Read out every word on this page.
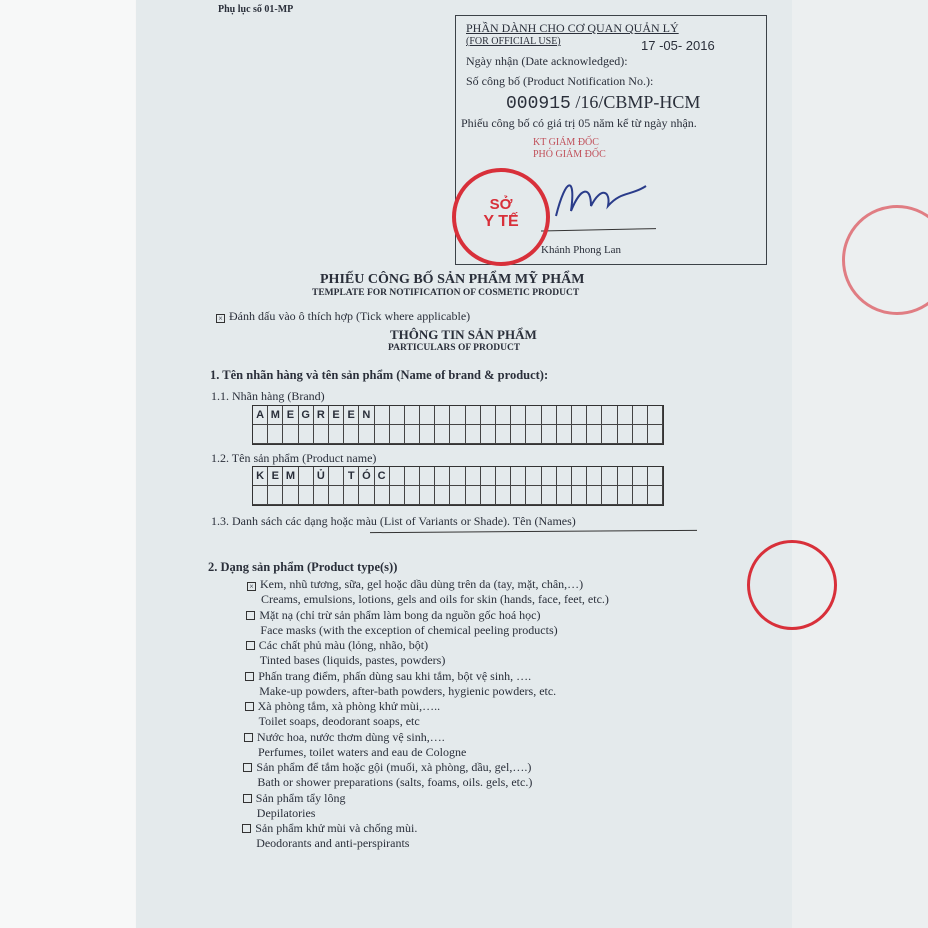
Phụ lục số 01-MP
PHẦN DÀNH CHO CƠ QUAN QUẢN LÝ
(FOR OFFICIAL USE)	17 -05- 2016
Ngày nhận (Date acknowledged):
Số công bố (Product Notification No.):
000915 /16/CBMP-HCM
Phiếu công bố có giá trị 05 năm kể từ ngày nhận.
KT GIÁM ĐỐC
PHÓ GIÁM ĐỐC
Khánh Phong Lan
SỞ
Y TẾ
PHIẾU CÔNG BỐ SẢN PHẨM MỸ PHẨM
TEMPLATE FOR NOTIFICATION OF COSMETIC PRODUCT
× Đánh dấu vào ô thích hợp (Tick where applicable)
THÔNG TIN SẢN PHẨM
PARTICULARS OF PRODUCT
1. Tên nhãn hàng và tên sản phẩm (Name of brand & product):
1.1. Nhãn hàng (Brand)
A M E G R E E N
1.2. Tên sản phẩm (Product name)
K E M	Ủ	T Ó C
1.3. Danh sách các dạng hoặc màu (List of Variants or Shade). Tên (Names)
2. Dạng sản phẩm (Product type(s))
× Kem, nhũ tương, sữa, gel hoặc dầu dùng trên da (tay, mặt, chân,…)
Creams, emulsions, lotions, gels and oils for skin (hands, face, feet, etc.)
Mặt nạ (chỉ trừ sản phẩm làm bong da nguồn gốc hoá học)
Face masks (with the exception of chemical peeling products)
Các chất phủ màu (lỏng, nhão, bột)
Tinted bases (liquids, pastes, powders)
Phấn trang điểm, phấn dùng sau khi tắm, bột vệ sinh, ….
Make-up powders, after-bath powders, hygienic powders, etc.
Xà phòng tắm, xà phòng khử mùi,…..
Toilet soaps, deodorant soaps, etc
Nước hoa, nước thơm dùng vệ sinh,….
Perfumes, toilet waters and eau de Cologne
Sản phẩm để tắm hoặc gội (muối, xà phòng, dầu, gel,….)
Bath or shower preparations (salts, foams, oils. gels, etc.)
Sản phẩm tẩy lông
Depilatories
Sản phẩm khử mùi và chống mùi.
Deodorants and anti-perspirants
